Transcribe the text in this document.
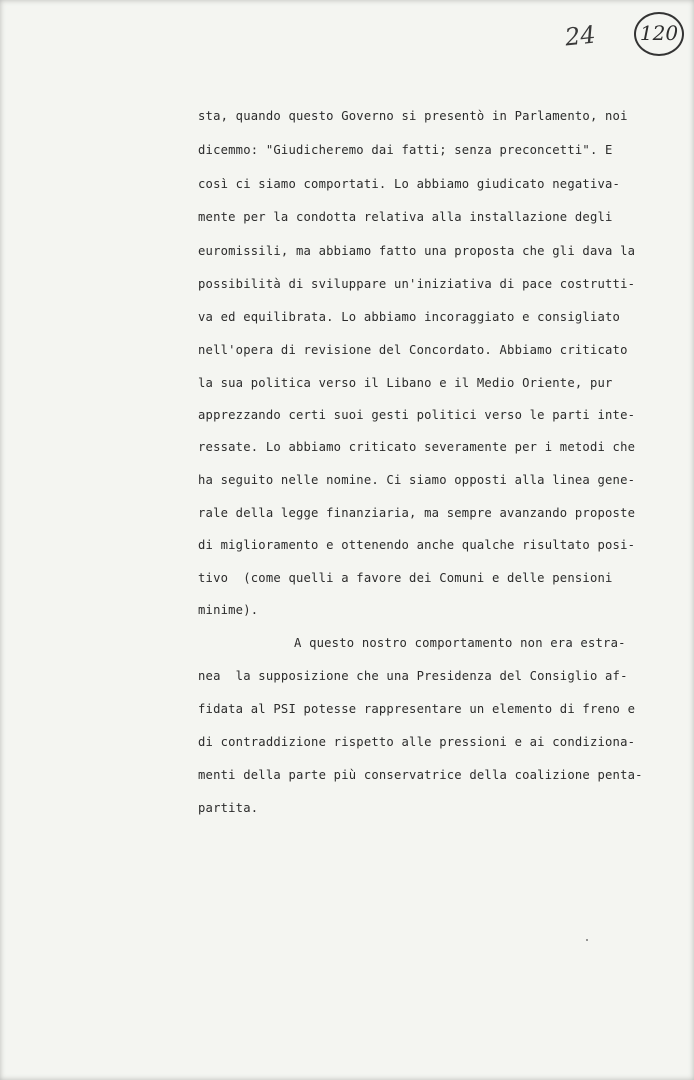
24 120
sta, quando questo Governo si presentò in Parlamento, noi
dicemmo: "Giudicheremo dai fatti; senza preconcetti". E
così ci siamo comportati. Lo abbiamo giudicato negativa-
mente per la condotta relativa alla installazione degli
euromissili, ma abbiamo fatto una proposta che gli dava la
possibilità di sviluppare un'iniziativa di pace costrutti-
va ed equilibrata. Lo abbiamo incoraggiato e consigliato
nell'opera di revisione del Concordato. Abbiamo criticato
la sua politica verso il Libano e il Medio Oriente, pur
apprezzando certi suoi gesti politici verso le parti inte-
ressate. Lo abbiamo criticato severamente per i metodi che
ha seguito nelle nomine. Ci siamo opposti alla linea gene-
rale della legge finanziaria, ma sempre avanzando proposte
di miglioramento e ottenendo anche qualche risultato posi-
tivo  (come quelli a favore dei Comuni e delle pensioni
minime).
A questo nostro comportamento non era estra-
nea  la supposizione che una Presidenza del Consiglio af-
fidata al PSI potesse rappresentare un elemento di freno e
di contraddizione rispetto alle pressioni e ai condiziona-
menti della parte più conservatrice della coalizione penta-
partita.
